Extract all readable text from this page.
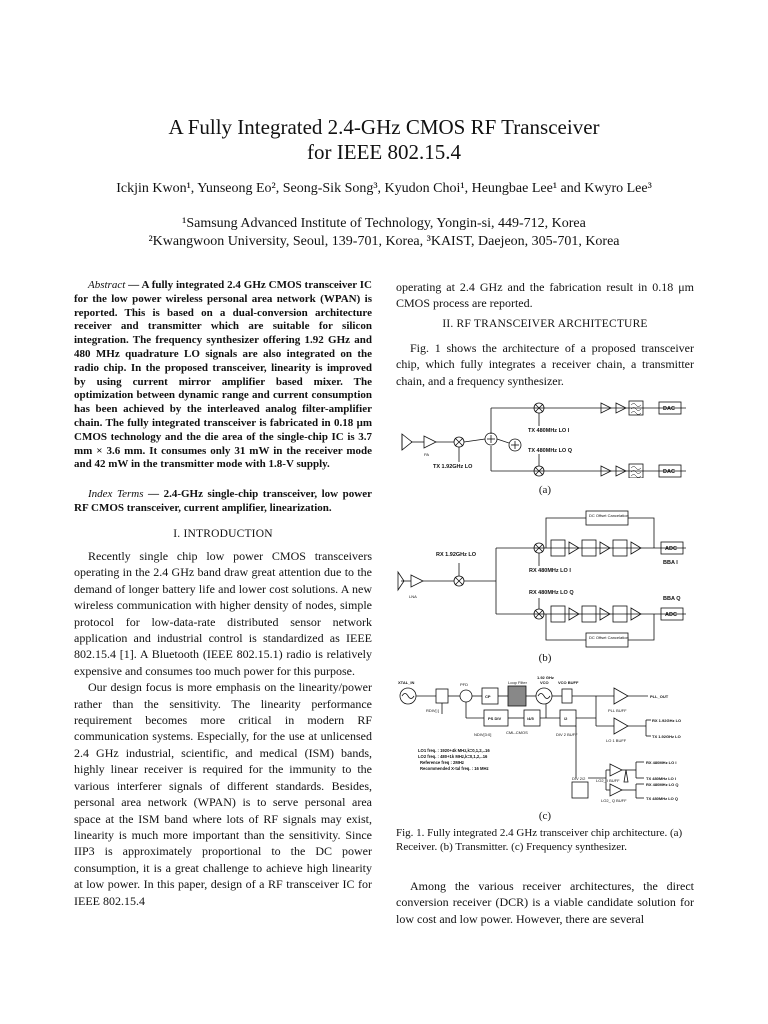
A Fully Integrated 2.4-GHz CMOS RF Transceiver
for IEEE 802.15.4
Ickjin Kwon¹, Yunseong Eo², Seong-Sik Song³, Kyudon Choi¹, Heungbae Lee¹ and Kwyro Lee³
¹Samsung Advanced Institute of Technology, Yongin-si, 449-712, Korea
²Kwangwoon University, Seoul, 139-701, Korea, ³KAIST, Daejeon, 305-701, Korea
Abstract — A fully integrated 2.4 GHz CMOS transceiver IC for the low power wireless personal area network (WPAN) is reported. This is based on a dual-conversion architecture receiver and transmitter which are suitable for silicon integration. The frequency synthesizer offering 1.92 GHz and 480 MHz quadrature LO signals are also integrated on the radio chip. In the proposed transceiver, linearity is improved by using current mirror amplifier based mixer. The optimization between dynamic range and current consumption has been achieved by the interleaved analog filter-amplifier chain. The fully integrated transceiver is fabricated in 0.18 μm CMOS technology and the die area of the single-chip IC is 3.7 mm × 3.6 mm. It consumes only 31 mW in the receiver mode and 42 mW in the transmitter mode with 1.8-V supply.
Index Terms — 2.4-GHz single-chip transceiver, low power RF CMOS transceiver, current amplifier, linearization.
I. INTRODUCTION

Recently single chip low power CMOS transceivers operating in the 2.4 GHz band draw great attention due to the demand of longer battery life and lower cost solutions. A new wireless communication with higher density of nodes, simple protocol for low-data-rate distributed sensor network application and industrial control is standardized as IEEE 802.15.4 [1]. A Bluetooth (IEEE 802.15.1) radio is relatively expensive and consumes too much power for this purpose.

Our design focus is more emphasis on the linearity/power rather than the sensitivity. The linearity performance requirement becomes more critical in modern RF communication systems. Especially, for the use at unlicensed 2.4 GHz industrial, scientific, and medical (ISM) bands, highly linear receiver is required for the immunity to the various interferer signals of different standards. Besides, personal area network (WPAN) is to serve personal area space at the ISM band where lots of RF signals may exist, linearity is much more important than the sensitivity. Since IIP3 is approximately proportional to the DC power consumption, it is a great challenge to achieve high linearity at low power. In this paper, design of a RF transceiver IC for IEEE 802.15.4

operating at 2.4 GHz and the fabrication result in 0.18 μm CMOS process are reported.

II. RF TRANSCEIVER ARCHITECTURE

Fig. 1 shows the architecture of a proposed transceiver chip, which fully integrates a receiver chain, a transmitter chain, and a frequency synthesizer.

DAC
DAC
TX 480MHz LO I
TX 480MHz LO Q
TX 1.92GHz LO
PA
(a)
DC Offset Cancelation
DC Offset Cancelation
RX 1.92GHz LO
RX 480MHz LO I
RX 480MHz LO Q
ADC
ADC
BBA I
BBA Q
LNA
(b)
XTAL_IN	PFD
CP
Loop Filter
1.92 GHz
VCO VCO BUFF
PLL_OUT
RDIV[:]
PS DIV	/4/5	/2
CML-CMOS
NDIV[3:0]	DIV 2 BUFF
PLL BUFF
RX 1.92GHz LO
TX 1.92GHz LO
LO 1 BUFF
DIV 2/2
RX 480MHz LO I
TX 480MHz LO I
RX 480MHz LO Q
TX 480MHz LO Q
LO2_ I BUFF
LO2_ Q BUFF
LO1 freq. : 1920+4k MHz,k=0,1,2,..16
LO2 freq. : 480+1k MHz,k=0,1,2,..16
Reference freq : 2MHz
Recommended X-tal freq. : 16 MHz
(c)
Fig. 1. Fully integrated 2.4 GHz transceiver chip architecture. (a) Receiver. (b) Transmitter. (c) Frequency synthesizer.

Among the various receiver architectures, the direct conversion receiver (DCR) is a viable candidate solution for low cost and low power. However, there are several
